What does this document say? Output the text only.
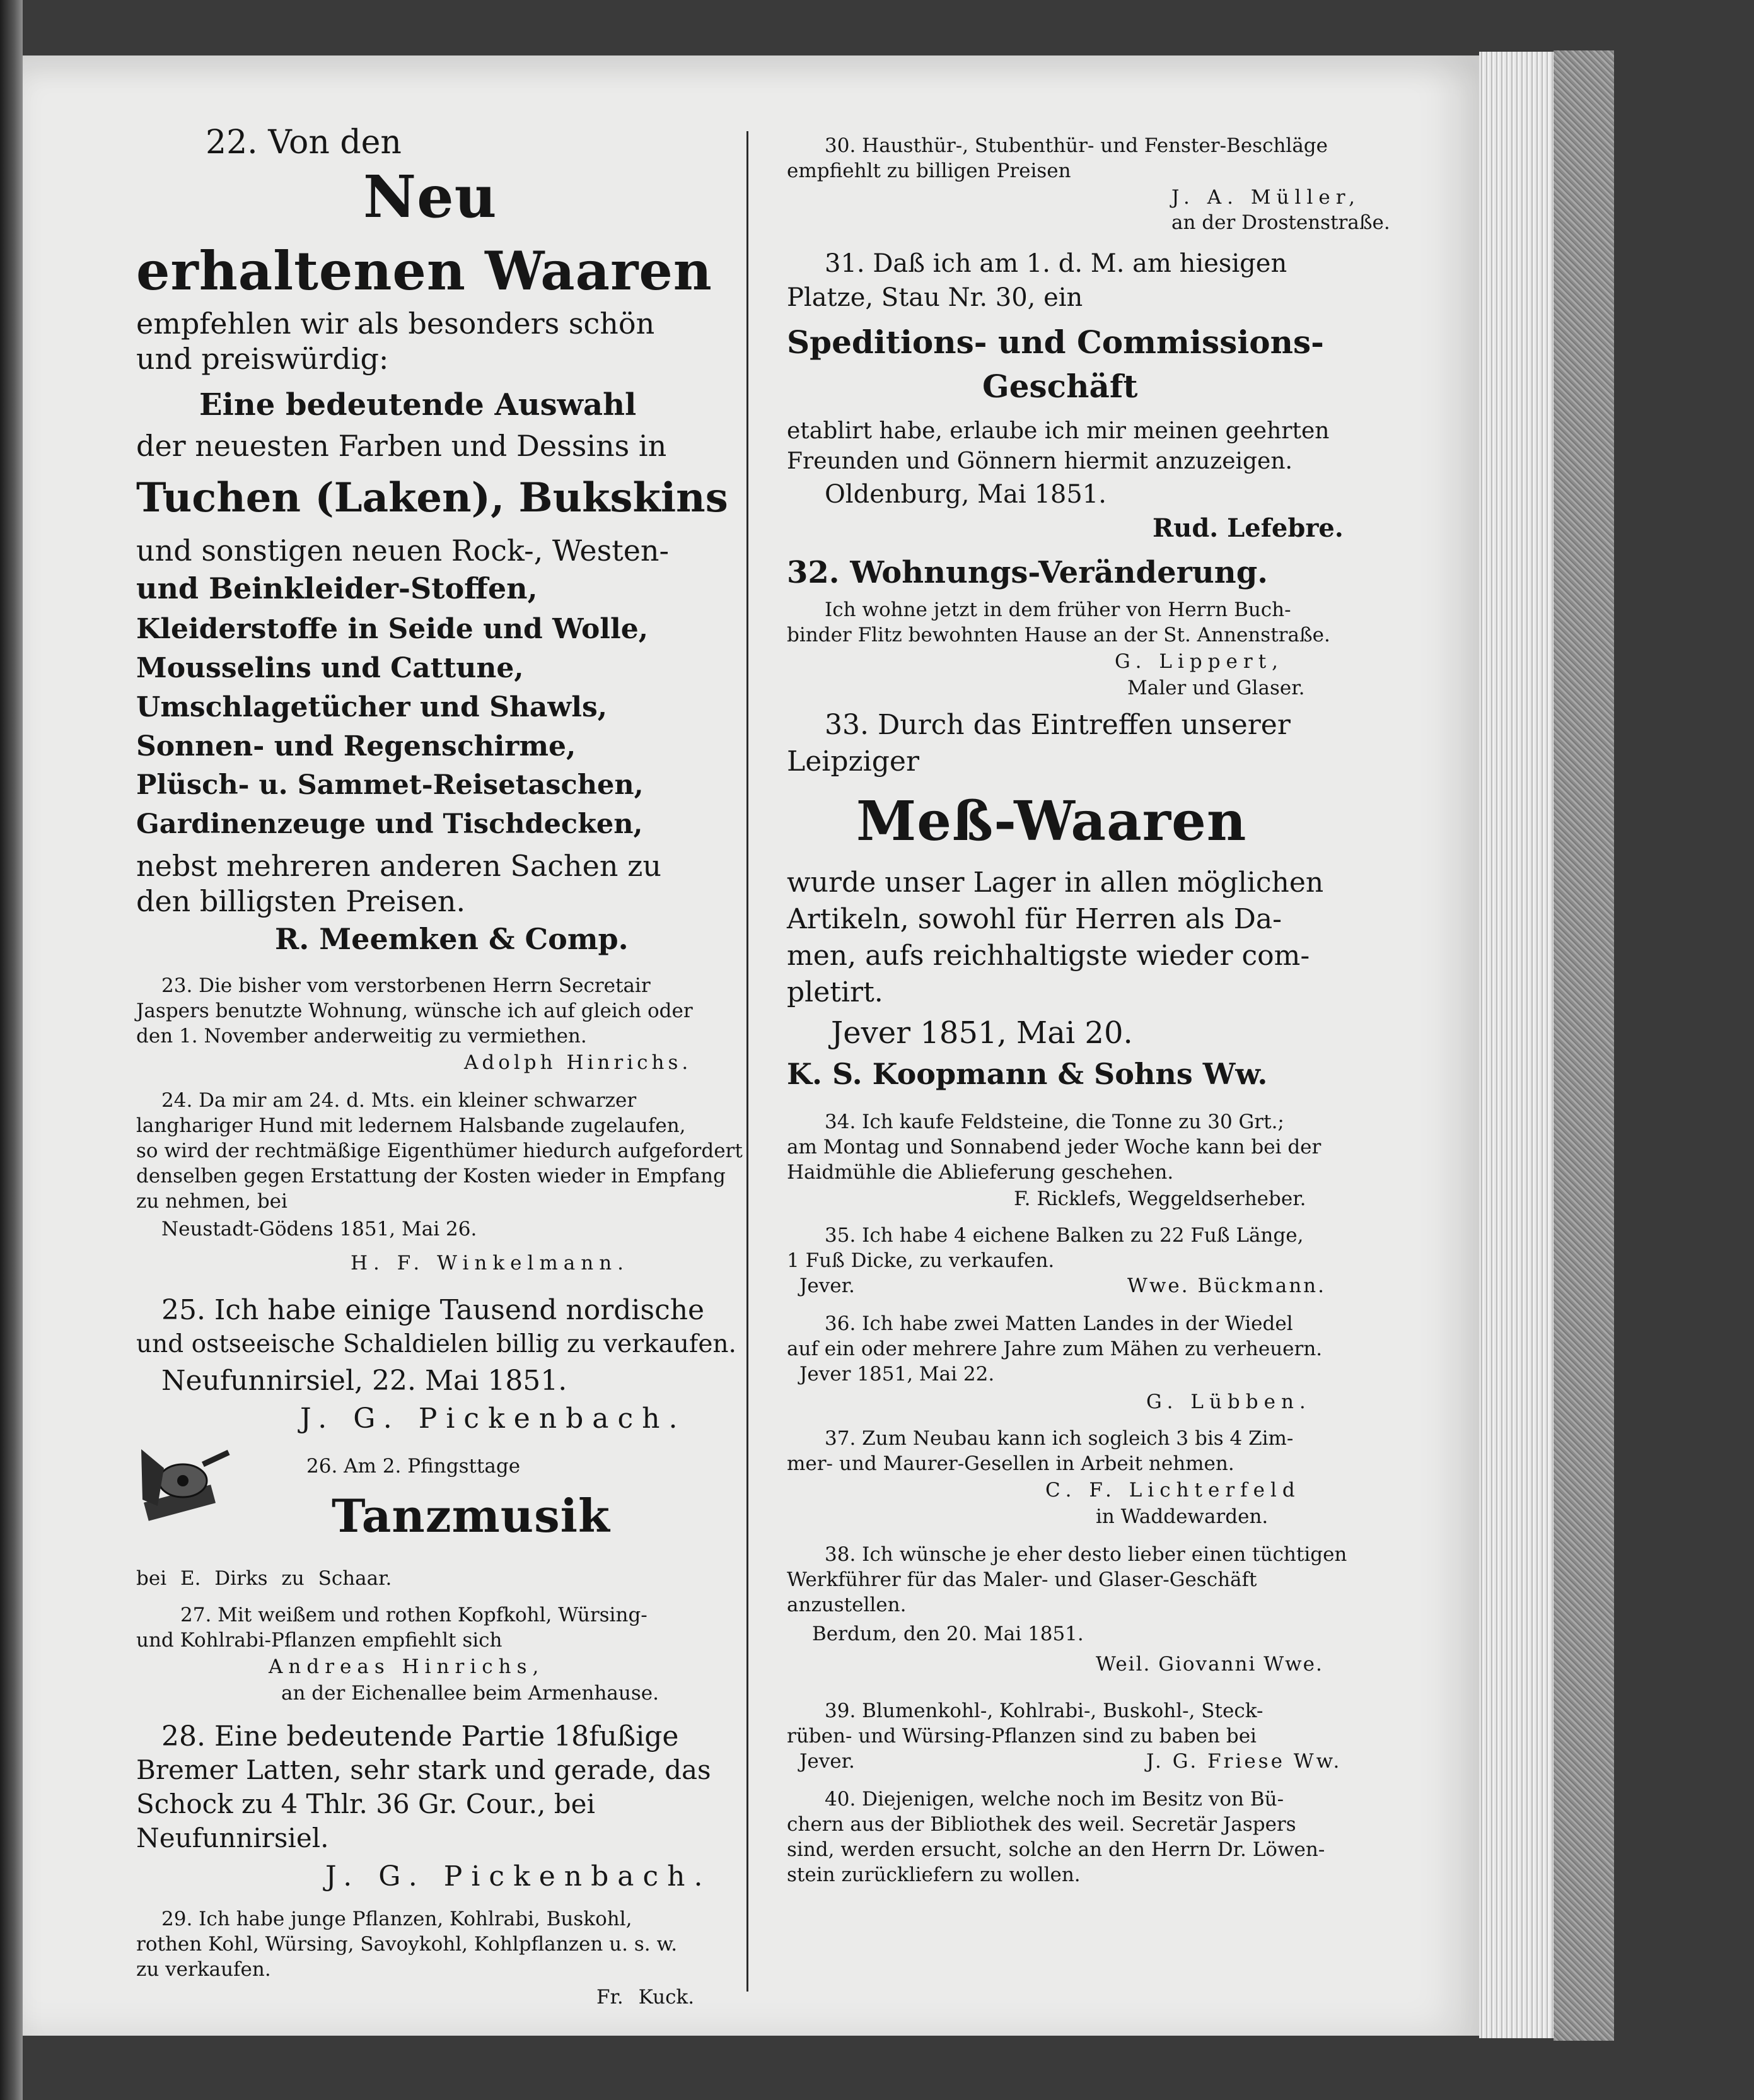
22. Von den
Neu
erhaltenen Waaren
empfehlen wir als besonders schön
und preiswürdig:
Eine bedeutende Auswahl
der neuesten Farben und Dessins in
Tuchen (Laken), Bukskins
und sonstigen neuen Rock-, Westen-
und Beinkleider-Stoffen,
Kleiderstoffe in Seide und Wolle,
Mousselins und Cattune,
Umschlagetücher und Shawls,
Sonnen- und Regenschirme,
Plüsch- u. Sammet-Reisetaschen,
Gardinenzeuge und Tischdecken,
nebst mehreren anderen Sachen zu
den billigsten Preisen.
R. Meemken & Comp.
23. Die bisher vom verstorbenen Herrn Secretair
Jaspers benutzte Wohnung, wünsche ich auf gleich oder
den 1. November anderweitig zu vermiethen.
Adolph Hinrichs.
24. Da mir am 24. d. Mts. ein kleiner schwarzer
langhariger Hund mit ledernem Halsbande zugelaufen,
so wird der rechtmäßige Eigenthümer hiedurch aufgefordert
denselben gegen Erstattung der Kosten wieder in Empfang
zu nehmen, bei
Neustadt-Gödens 1851, Mai 26.
H. F. Winkelmann.
25. Ich habe einige Tausend nordische
und ostseeische Schaldielen billig zu verkaufen.
Neufunnirsiel, 22. Mai 1851.
J. G. Pickenbach.
26. Am 2. Pfingsttage
Tanzmusik
bei E. Dirks zu Schaar.
27. Mit weißem und rothen Kopfkohl, Würsing-
und Kohlrabi-Pflanzen empfiehlt sich
Andreas Hinrichs,
an der Eichenallee beim Armenhause.
28. Eine bedeutende Partie 18fußige
Bremer Latten, sehr stark und gerade, das
Schock zu 4 Thlr. 36 Gr. Cour., bei
Neufunnirsiel.
J. G. Pickenbach.
29. Ich habe junge Pflanzen, Kohlrabi, Buskohl,
rothen Kohl, Würsing, Savoykohl, Kohlpflanzen u. s. w.
zu verkaufen.
Fr. Kuck.
30. Hausthür-, Stubenthür- und Fenster-Beschläge
empfiehlt zu billigen Preisen
J. A. Müller,
an der Drostenstraße.
31. Daß ich am 1. d. M. am hiesigen
Platze, Stau Nr. 30, ein
Speditions- und Commissions-
Geschäft
etablirt habe, erlaube ich mir meinen geehrten
Freunden und Gönnern hiermit anzuzeigen.
Oldenburg, Mai 1851.
Rud. Lefebre.
32. Wohnungs-Veränderung.
Ich wohne jetzt in dem früher von Herrn Buch-
binder Flitz bewohnten Hause an der St. Annenstraße.
G. Lippert,
Maler und Glaser.
33. Durch das Eintreffen unserer
Leipziger
Meß-Waaren
wurde unser Lager in allen möglichen
Artikeln, sowohl für Herren als Da-
men, aufs reichhaltigste wieder com-
pletirt.
Jever 1851, Mai 20.
K. S. Koopmann & Sohns Ww.
34. Ich kaufe Feldsteine, die Tonne zu 30 Grt.;
am Montag und Sonnabend jeder Woche kann bei der
Haidmühle die Ablieferung geschehen.
F. Ricklefs, Weggeldserheber.
35. Ich habe 4 eichene Balken zu 22 Fuß Länge,
1 Fuß Dicke, zu verkaufen.
Jever.	Wwe. Bückmann.
36. Ich habe zwei Matten Landes in der Wiedel
auf ein oder mehrere Jahre zum Mähen zu verheuern.
Jever 1851, Mai 22.
G. Lübben.
37. Zum Neubau kann ich sogleich 3 bis 4 Zim-
mer- und Maurer-Gesellen in Arbeit nehmen.
C. F. Lichterfeld
in Waddewarden.
38. Ich wünsche je eher desto lieber einen tüchtigen
Werkführer für das Maler- und Glaser-Geschäft
anzustellen.
Berdum, den 20. Mai 1851.
Weil. Giovanni Wwe.
39. Blumenkohl-, Kohlrabi-, Buskohl-, Steck-
rüben- und Würsing-Pflanzen sind zu baben bei
Jever.	J. G. Friese Ww.
40. Diejenigen, welche noch im Besitz von Bü-
chern aus der Bibliothek des weil. Secretär Jaspers
sind, werden ersucht, solche an den Herrn Dr. Löwen-
stein zurückliefern zu wollen.
